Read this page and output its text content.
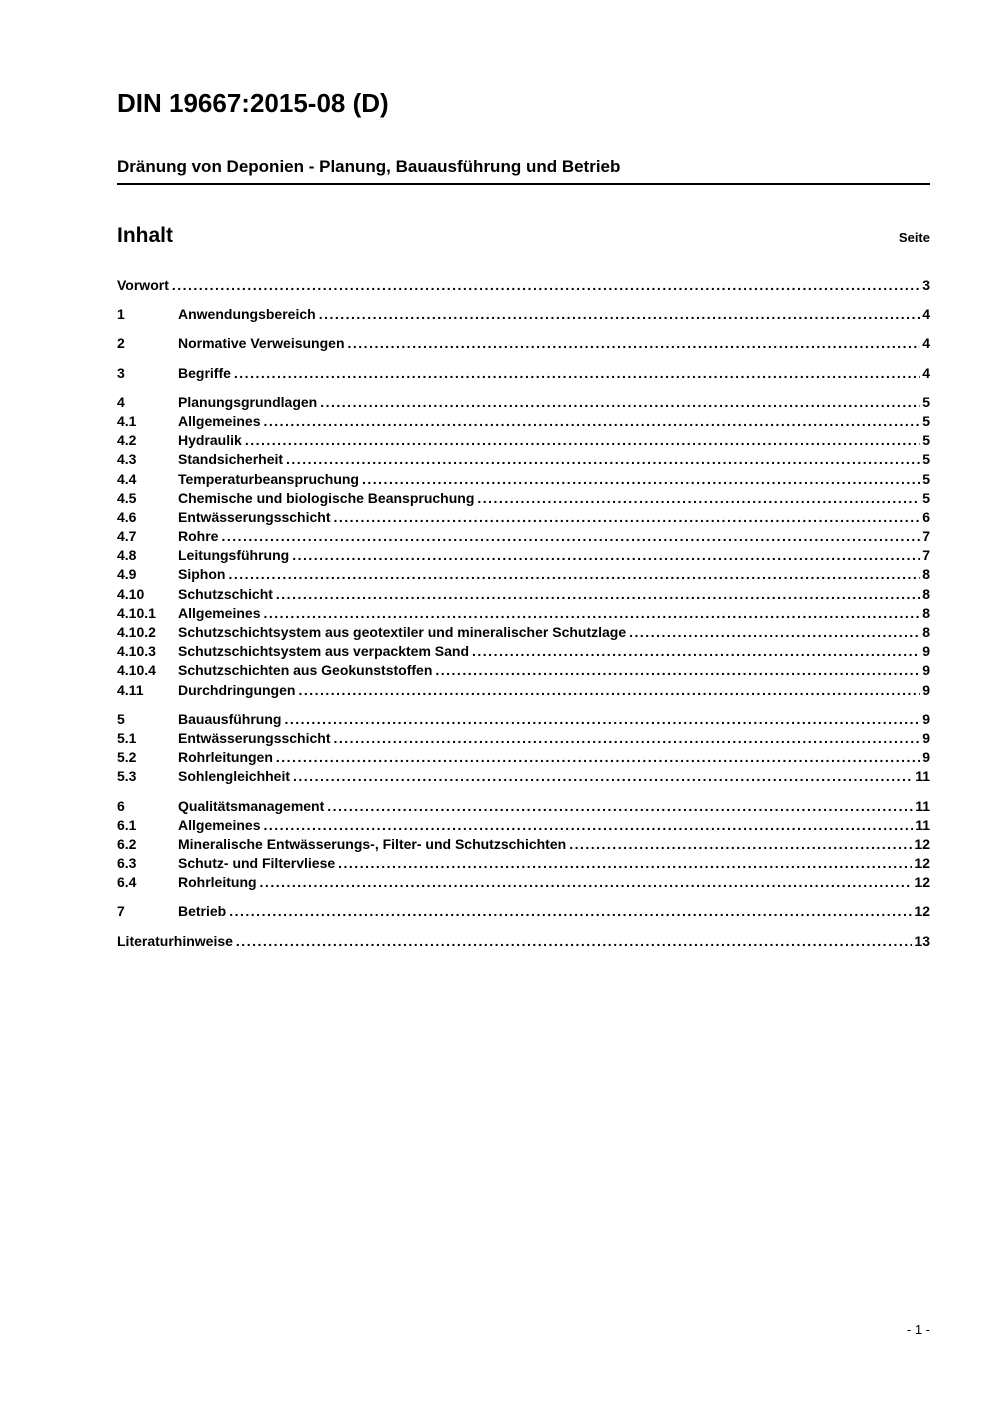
DIN 19667:2015-08 (D)
Dränung von Deponien - Planung, Bauausführung und Betrieb
Inhalt	Seite
Vorwort .....	3
1	Anwendungsbereich .....	4
2	Normative Verweisungen .....	4
3	Begriffe .....	4
4	Planungsgrundlagen .....	5
4.1	Allgemeines .....	5
4.2	Hydraulik .....	5
4.3	Standsicherheit .....	5
4.4	Temperaturbeanspruchung .....	5
4.5	Chemische und biologische Beanspruchung .....	5
4.6	Entwässerungsschicht .....	6
4.7	Rohre .....	7
4.8	Leitungsführung .....	7
4.9	Siphon .....	8
4.10	Schutzschicht .....	8
4.10.1	Allgemeines .....	8
4.10.2	Schutzschichtsystem aus geotextiler und mineralischer Schutzlage .....	8
4.10.3	Schutzschichtsystem aus verpacktem Sand .....	9
4.10.4	Schutzschichten aus Geokunststoffen .....	9
4.11	Durchdringungen .....	9
5	Bauausführung .....	9
5.1	Entwässerungsschicht .....	9
5.2	Rohrleitungen .....	9
5.3	Sohlengleichheit .....	11
6	Qualitätsmanagement .....	11
6.1	Allgemeines .....	11
6.2	Mineralische Entwässerungs-, Filter- und Schutzschichten .....	12
6.3	Schutz- und Filtervliese .....	12
6.4	Rohrleitung .....	12
7	Betrieb .....	12
Literaturhinweise .....	13
- 1 -
